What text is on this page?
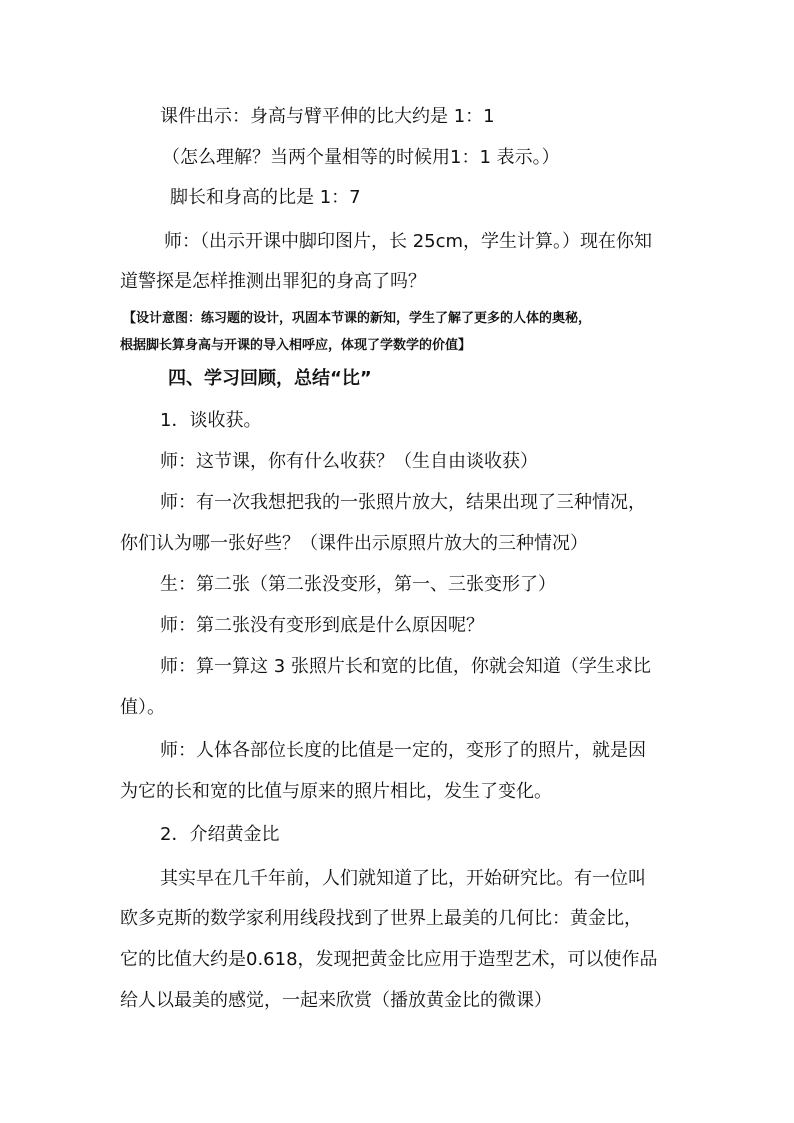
课件出示：身高与臂平伸的比大约是 1：1
（怎么理解？当两个量相等的时候用1：1 表示。）
脚长和身高的比是 1：7
师：（出示开课中脚印图片，长 25cm，学生计算。）现在你知
道警探是怎样推测出罪犯的身高了吗？
【设计意图：练习题的设计，巩固本节课的新知，学生了解了更多的人体的奥秘，
根据脚长算身高与开课的导入相呼应，体现了学数学的价值】
四、学习回顾，总结“比”
1．谈收获。
师：这节课，你有什么收获？（生自由谈收获）
师：有一次我想把我的一张照片放大，结果出现了三种情况，
你们认为哪一张好些？（课件出示原照片放大的三种情况）
生：第二张（第二张没变形，第一、三张变形了）
师：第二张没有变形到底是什么原因呢？
师：算一算这 3 张照片长和宽的比值，你就会知道（学生求比
值）。
师：人体各部位长度的比值是一定的，变形了的照片，就是因
为它的长和宽的比值与原来的照片相比，发生了变化。
2．介绍黄金比
其实早在几千年前，人们就知道了比，开始研究比。有一位叫
欧多克斯的数学家利用线段找到了世界上最美的几何比：黄金比，
它的比值大约是0.618，发现把黄金比应用于造型艺术，可以使作品
给人以最美的感觉，一起来欣赏（播放黄金比的微课）
